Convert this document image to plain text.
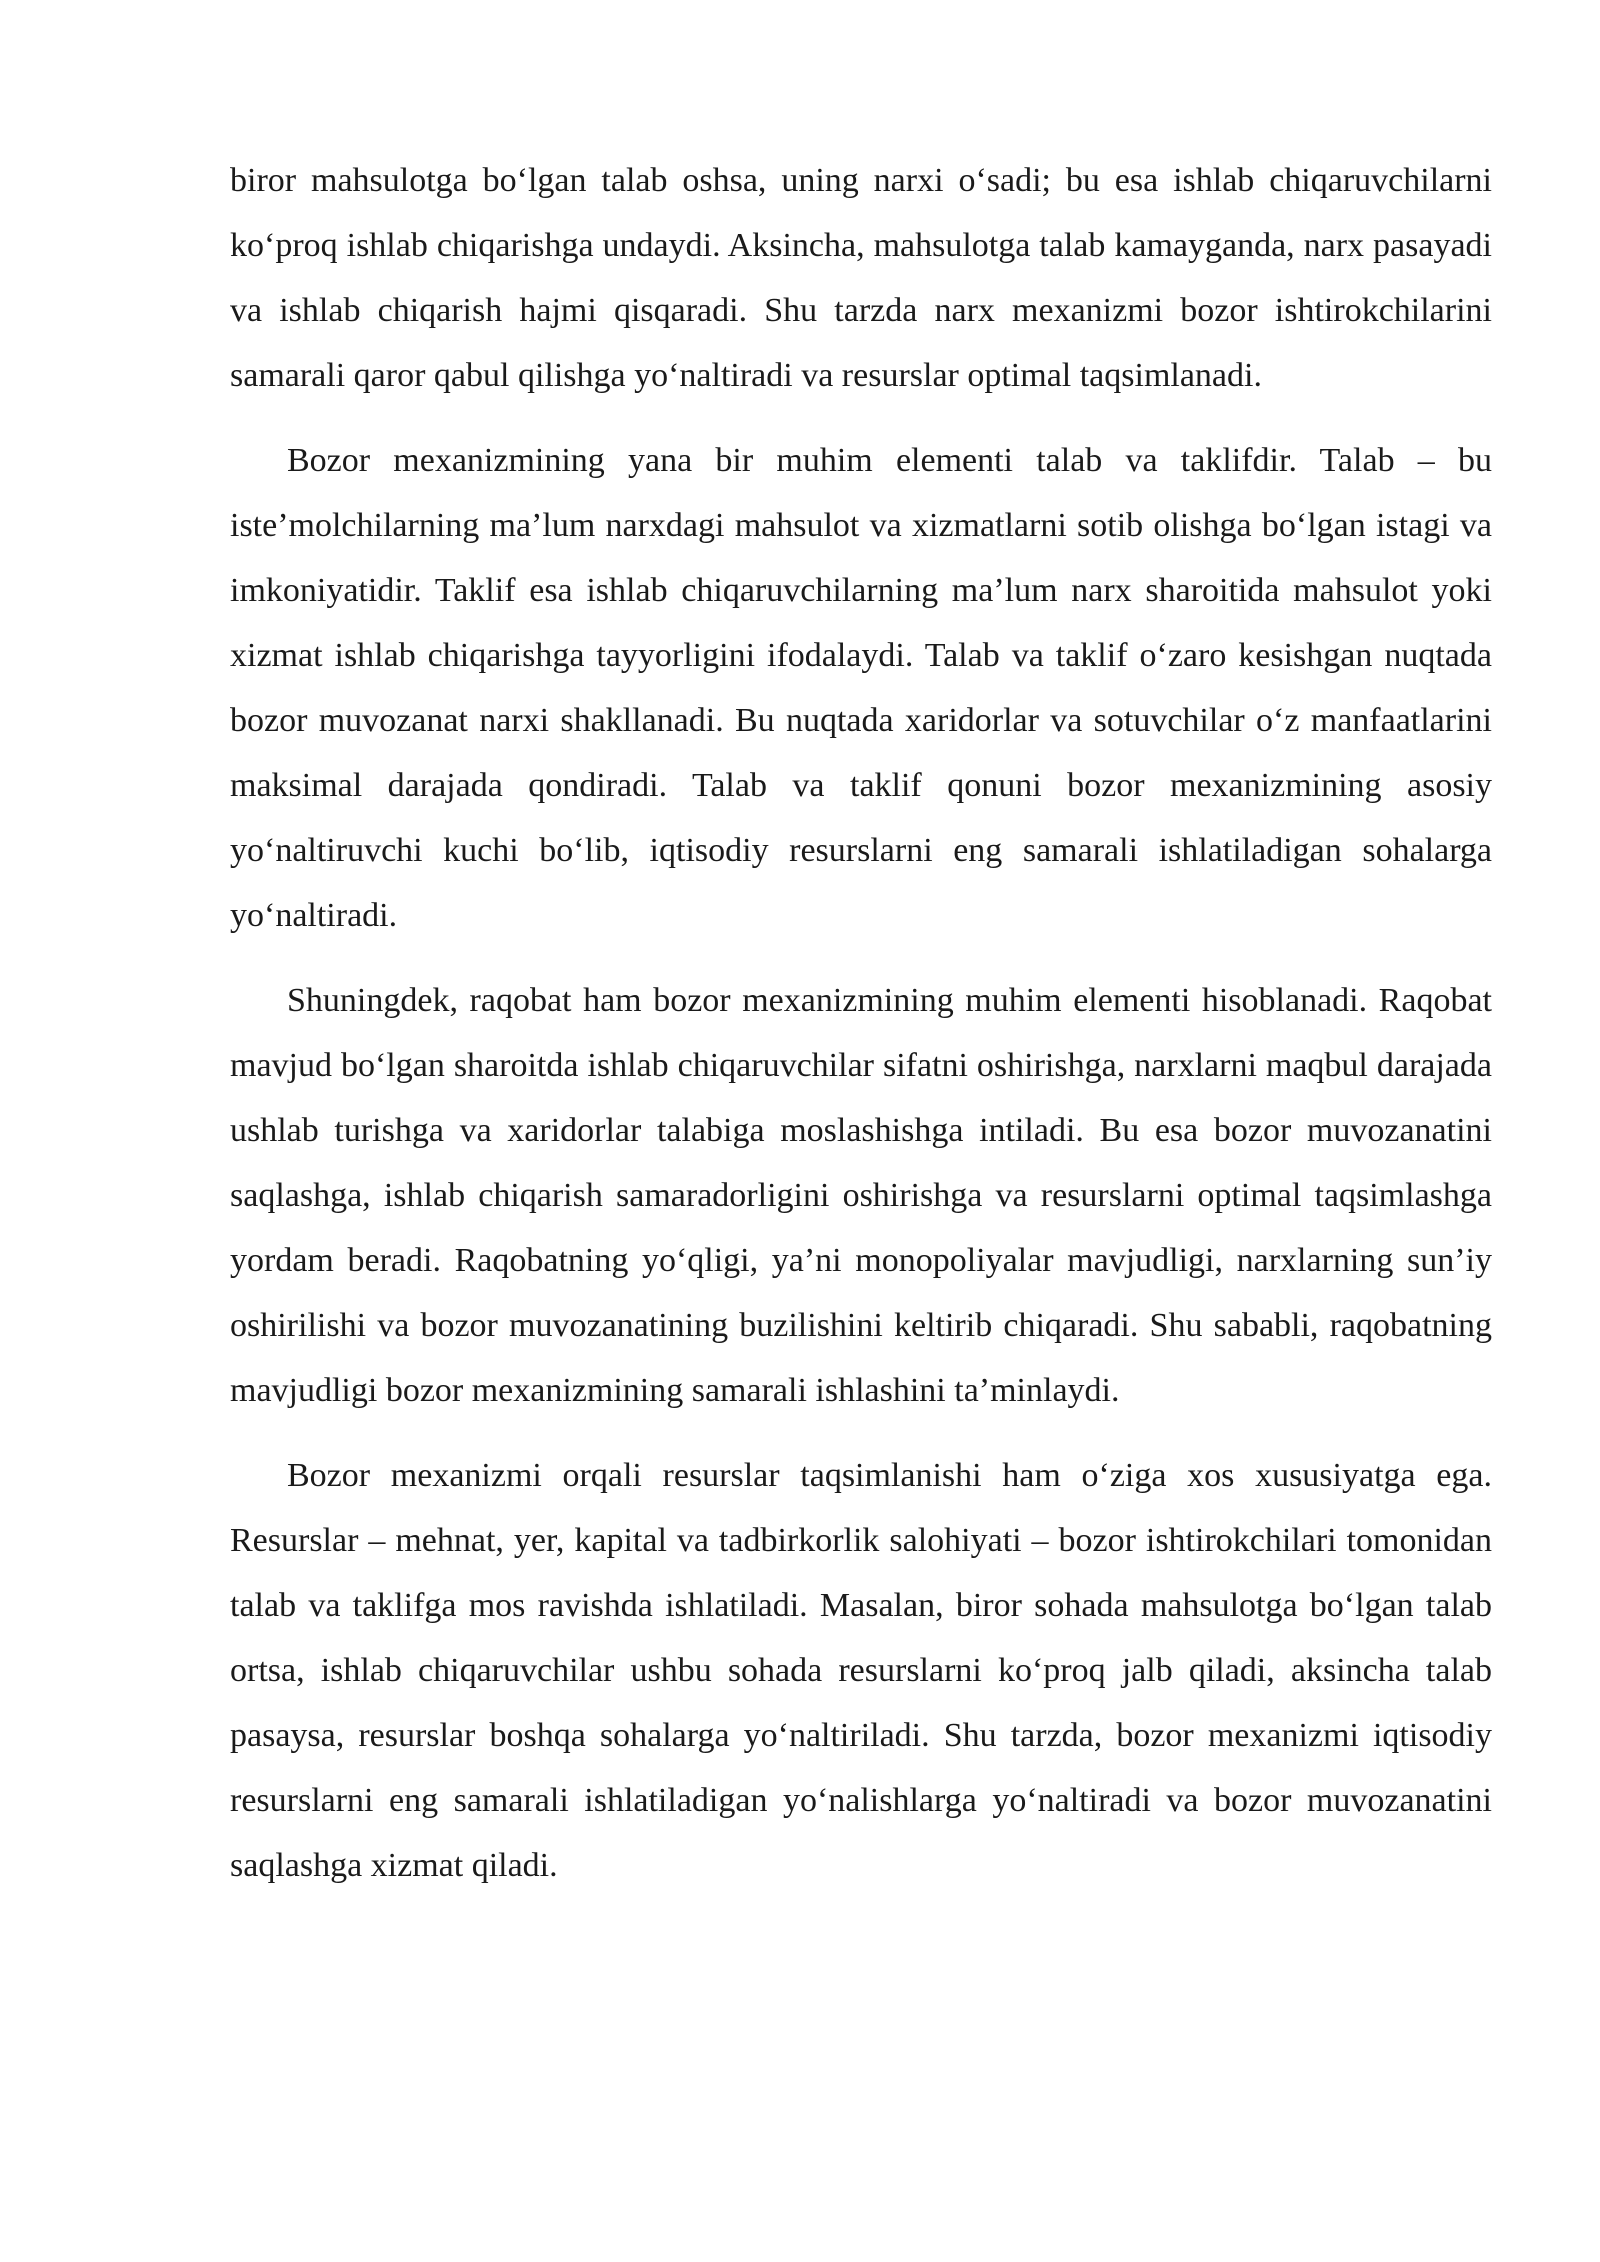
biror mahsulotga bo‘lgan talab oshsa, uning narxi o‘sadi; bu esa ishlab chiqaruvchilarni ko‘proq ishlab chiqarishga undaydi. Aksincha, mahsulotga talab kamayganda, narx pasayadi va ishlab chiqarish hajmi qisqaradi. Shu tarzda narx mexanizmi bozor ishtirokchilarini samarali qaror qabul qilishga yo‘naltiradi va resurslar optimal taqsimlanadi.

Bozor mexanizmining yana bir muhim elementi talab va taklifdir. Talab – bu iste’molchilarning ma’lum narxdagi mahsulot va xizmatlarni sotib olishga bo‘lgan istagi va imkoniyatidir. Taklif esa ishlab chiqaruvchilarning ma’lum narx sharoitida mahsulot yoki xizmat ishlab chiqarishga tayyorligini ifodalaydi. Talab va taklif o‘zaro kesishgan nuqtada bozor muvozanat narxi shakllanadi. Bu nuqtada xaridorlar va sotuvchilar o‘z manfaatlarini maksimal darajada qondiradi. Talab va taklif qonuni bozor mexanizmining asosiy yo‘naltiruvchi kuchi bo‘lib, iqtisodiy resurslarni eng samarali ishlatiladigan sohalarga yo‘naltiradi.

Shuningdek, raqobat ham bozor mexanizmining muhim elementi hisoblanadi. Raqobat mavjud bo‘lgan sharoitda ishlab chiqaruvchilar sifatni oshirishga, narxlarni maqbul darajada ushlab turishga va xaridorlar talabiga moslashishga intiladi. Bu esa bozor muvozanatini saqlashga, ishlab chiqarish samaradorligini oshirishga va resurslarni optimal taqsimlashga yordam beradi. Raqobatning yo‘qligi, ya’ni monopoliyalar mavjudligi, narxlarning sun’iy oshirilishi va bozor muvozanatining buzilishini keltirib chiqaradi. Shu sababli, raqobatning mavjudligi bozor mexanizmining samarali ishlashini ta’minlaydi.

Bozor mexanizmi orqali resurslar taqsimlanishi ham o‘ziga xos xususiyatga ega. Resurslar – mehnat, yer, kapital va tadbirkorlik salohiyati – bozor ishtirokchilari tomonidan talab va taklifga mos ravishda ishlatiladi. Masalan, biror sohada mahsulotga bo‘lgan talab ortsa, ishlab chiqaruvchilar ushbu sohada resurslarni ko‘proq jalb qiladi, aksincha talab pasaysa, resurslar boshqa sohalarga yo‘naltiriladi. Shu tarzda, bozor mexanizmi iqtisodiy resurslarni eng samarali ishlatiladigan yo‘nalishlarga yo‘naltiradi va bozor muvozanatini saqlashga xizmat qiladi.
